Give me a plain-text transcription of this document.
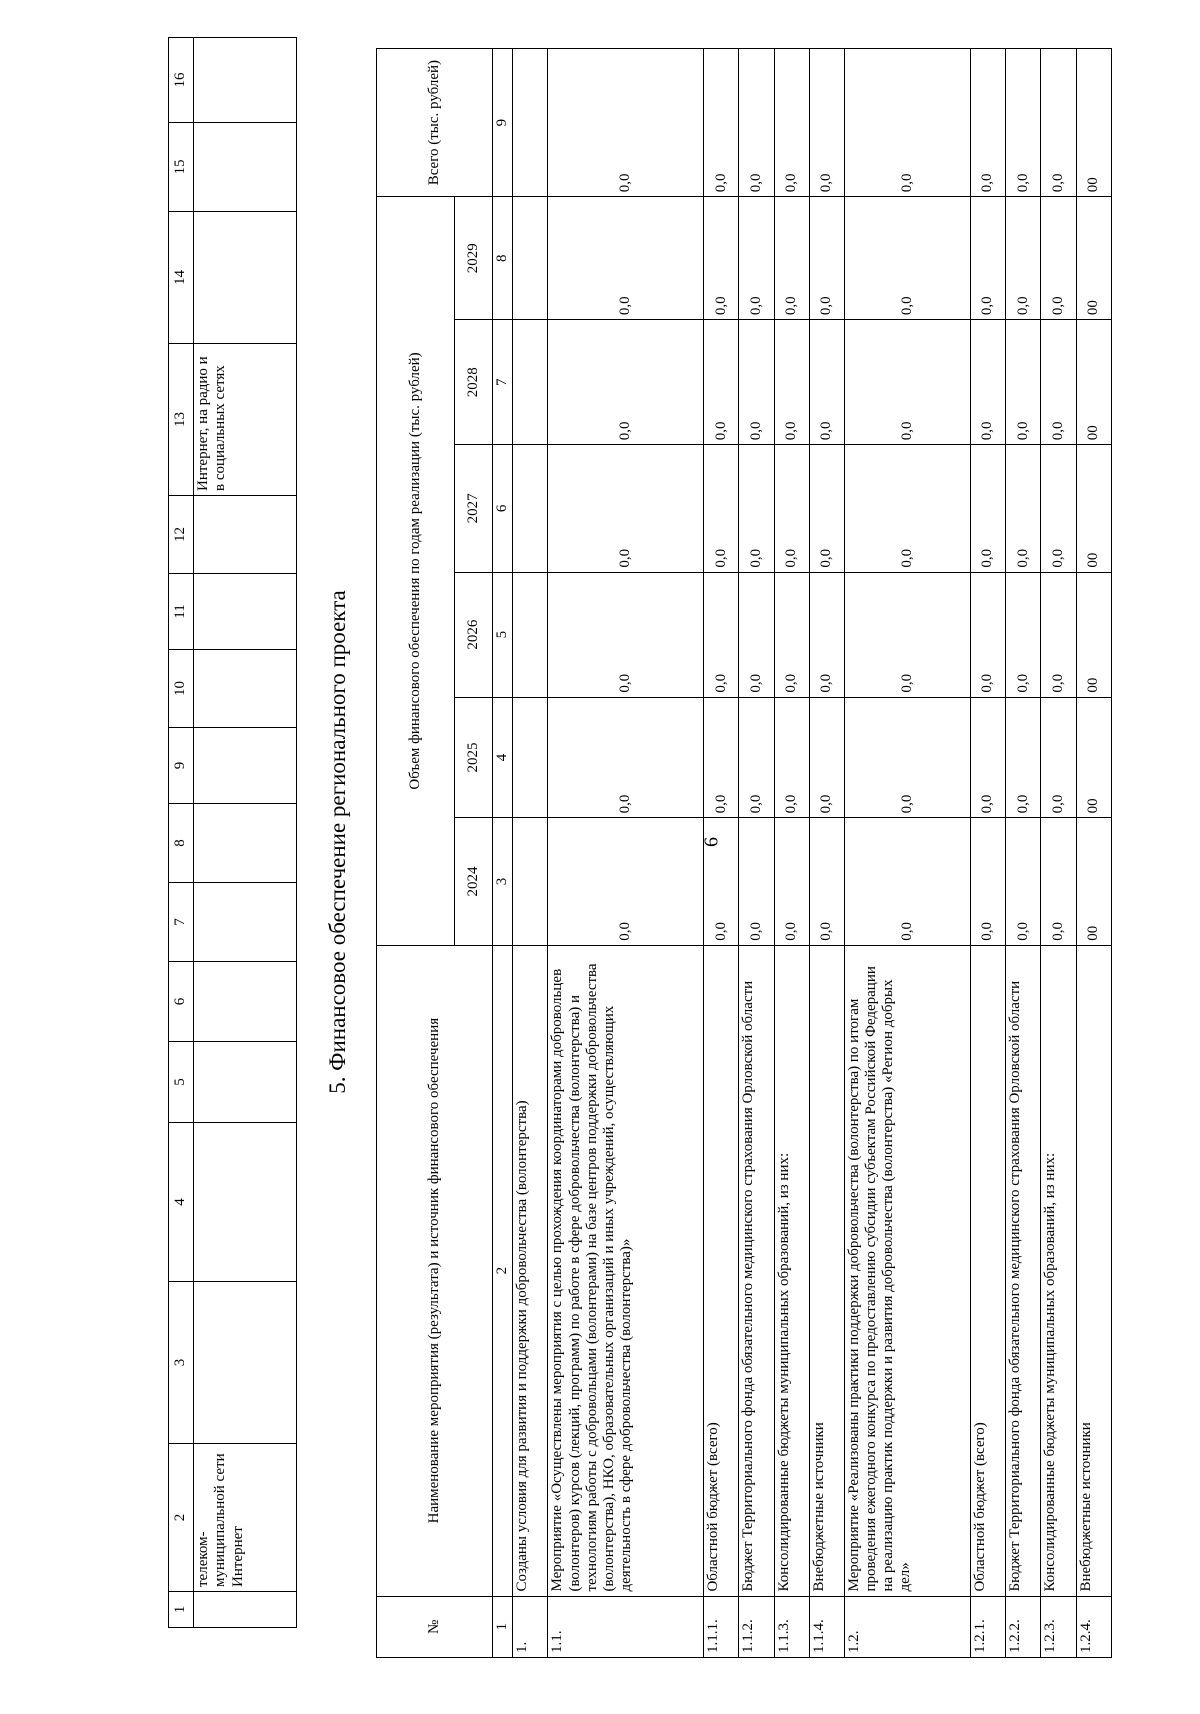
6
1	2	3	4	5	6	7	8	9	10	11	12	13	14	15	16
	телеком-муниципальной сети Интернет											Интернет, на радио и в социальных сетях			
5. Финансовое обеспечение регионального проекта
№	Наименование мероприятия (результата) и источник финансового обеспечения	Объем финансового обеспечения по годам реализации (тыс. рублей)						Всего (тыс. рублей)
		2024	2025	2026	2027	2028	2029	
1	2	3	4	5	6	7	8	9
1.	Созданы условия для развития и поддержки добровольчества (волонтерства)							
1.1.	Мероприятие «Осуществлены мероприятия с целью прохождения координаторами добровольцев (волонтеров) курсов (лекций, программ) по работе в сфере добровольчества (волонтерства) и технологиям работы с добровольцами (волонтерами) на базе центров поддержки добровольчества (волонтерства), НКО, образовательных организаций и иных учреждений, осуществляющих деятельность в сфере добровольчества (волонтерства)»	0,0	0,0	0,0	0,0	0,0	0,0	0,0
1.1.1.	Областной бюджет (всего)	0,0	0,0	0,0	0,0	0,0	0,0	0,0
1.1.2.	Бюджет Территориального фонда обязательного медицинского страхования Орловской области	0,0	0,0	0,0	0,0	0,0	0,0	0,0
1.1.3.	Консолидированные бюджеты муниципальных образований, из них:	0,0	0,0	0,0	0,0	0,0	0,0	0,0
1.1.4.	Внебюджетные источники	0,0	0,0	0,0	0,0	0,0	0,0	0,0
1.2.	Мероприятие «Реализованы практики поддержки добровольчества (волонтерства) по итогам проведения ежегодного конкурса по предоставлению субсидии субъектам Российской Федерации на реализацию практик поддержки и развития добровольчества (волонтерства) «Регион добрых дел»	0,0	0,0	0,0	0,0	0,0	0,0	0,0
1.2.1.	Областной бюджет (всего)	0,0	0,0	0,0	0,0	0,0	0,0	0,0
1.2.2.	Бюджет Территориального фонда обязательного медицинского страхования Орловской области	0,0	0,0	0,0	0,0	0,0	0,0	0,0
1.2.3.	Консолидированные бюджеты муниципальных образований, из них:	0,0	0,0	0,0	0,0	0,0	0,0	0,0
1.2.4.	Внебюджетные источники	00	00	00	00	00	00	00
